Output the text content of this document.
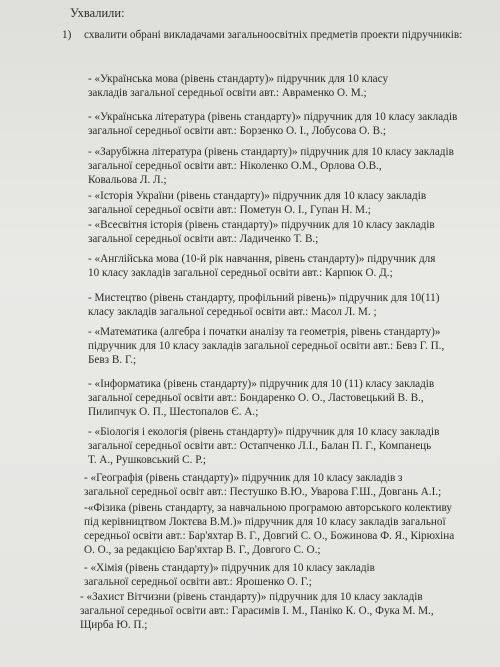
Ухвалили:
1) схвалити обрані викладачами загальноосвітніх предметів проекти підручників:
- «Українська мова (рівень стандарту)» підручник для 10 класу
закладів загальної середньої освіти авт.: Авраменко О. М.;
- «Українська література (рівень стандарту)» підручник для 10 класу закладів
загальної середньої освіти авт.: Борзенко О. І., Лобусова О. В.;
- «Зарубіжна література (рівень стандарту)» підручник для 10 класу закладів
загальної середньої освіти авт.: Ніколенко О.М., Орлова О.В.,
Ковальова Л. Л.;
- «Історія України (рівень стандарту)» підручник для 10 класу закладів
загальної середньої освіти авт.: Пометун О. І., Гупан Н. М.;
- «Всесвітня історія (рівень стандарту)» підручник для 10 класу закладів
загальної середньої освіти авт.: Ладиченко Т. В.;
- «Англійська мова (10-й рік навчання, рівень стандарту)» підручник для
10 класу закладів загальної середньої освіти авт.: Карпюк О. Д.;
- Мистецтво (рівень стандарту, профільний рівень)» підручник для 10(11)
класу закладів загальної середньої освіти авт.: Масол Л. М. ;
- «Математика (алгебра і початки аналізу та геометрія, рівень стандарту)»
підручник для 10 класу закладів загальної середньої освіти авт.: Бевз Г. П.,
Бевз В. Г.;
- «Інформатика (рівень стандарту)» підручник для 10 (11) класу закладів
загальної середньої освіти авт.: Бондаренко О. О., Ластовецький В. В.,
Пилипчук О. П., Шестопалов Є. А.;
- «Біологія і екологія (рівень стандарту)» підручник для 10 класу закладів
загальної середньої освіти авт.: Остапченко Л.І., Балан П. Г., Компанець
Т. А., Рушковський С. Р.;
- «Географія (рівень стандарту)» підручник для 10 класу закладів з
загальної середньої освіт авт.: Пестушко В.Ю., Уварова Г.Ш., Довгань А.І.;
-«Фізика (рівень стандарту, за навчальною програмою авторського колективу
під керівництвом Локтєва В.М.)» підручник для 10 класу закладів загальної
середньої освіти авт.: Бар'яхтар В. Г., Довгий С. О., Божинова Ф. Я., Кірюхіна
О. О., за редакцією Бар'яхтар В. Г., Довгого С. О.;
- «Хімія (рівень стандарту)» підручник для 10 класу закладів
загальної середньої освіти авт.: Ярошенко О. Г.;
- «Захист Вітчизни (рівень стандарту)» підручник для 10 класу закладів
загальної середньої освіти авт.: Гарасимів І. М., Паніко К. О., Фука М. М.,
Щирба Ю. П.;
